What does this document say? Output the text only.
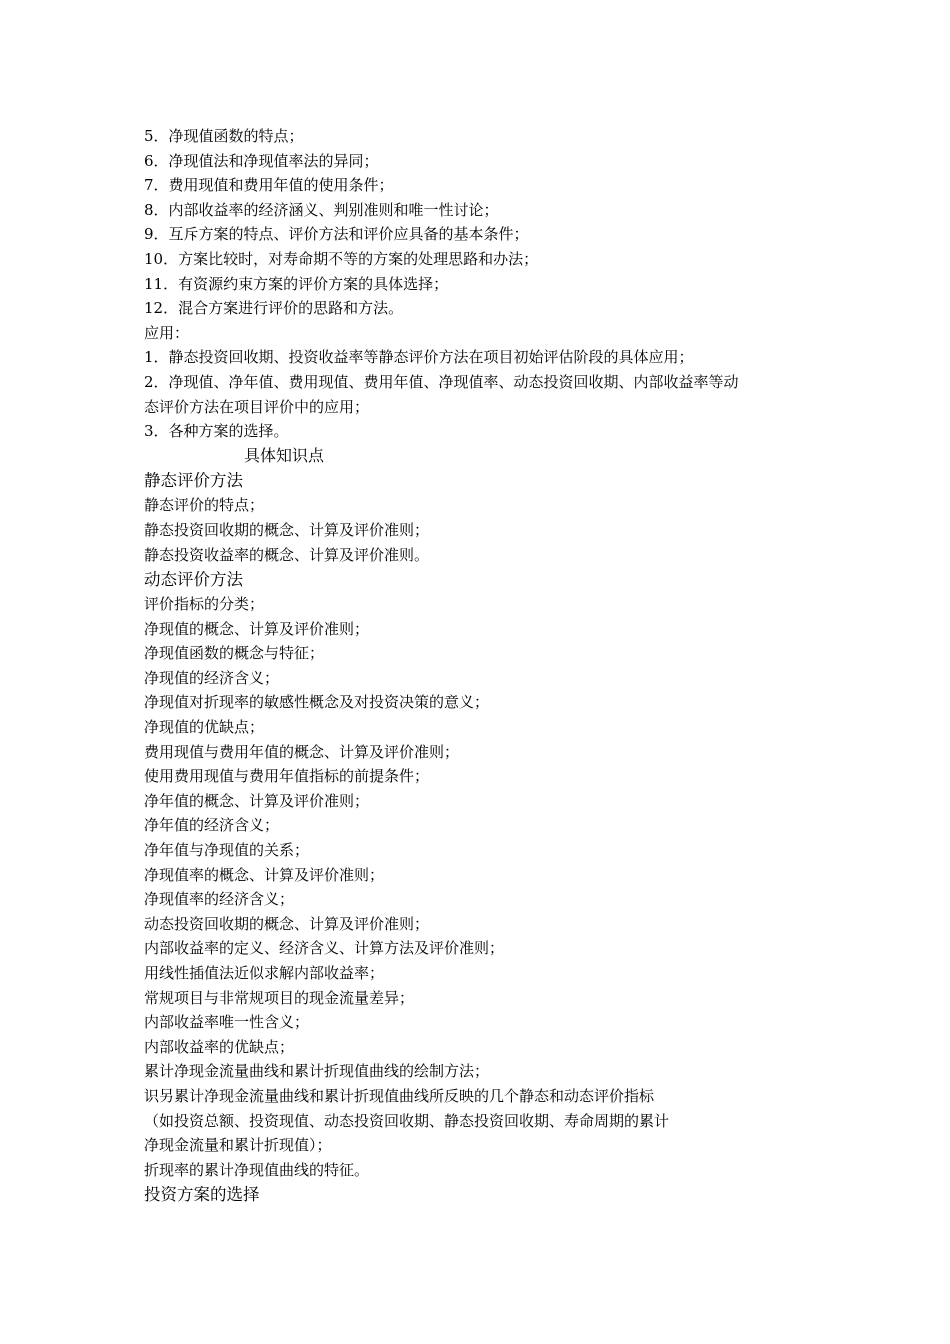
5．净现值函数的特点；
6．净现值法和净现值率法的异同；
7．费用现值和费用年值的使用条件；
8．内部收益率的经济涵义、判别准则和唯一性讨论；
9．互斥方案的特点、评价方法和评价应具备的基本条件；
10．方案比较时，对寿命期不等的方案的处理思路和办法；
11．有资源约束方案的评价方案的具体选择；
12．混合方案进行评价的思路和方法。
应用：
1．静态投资回收期、投资收益率等静态评价方法在项目初始评估阶段的具体应用；
2．净现值、净年值、费用现值、费用年值、净现值率、动态投资回收期、内部收益率等动
态评价方法在项目评价中的应用；
3．各种方案的选择。
具体知识点
静态评价方法
静态评价的特点；
静态投资回收期的概念、计算及评价准则；
静态投资收益率的概念、计算及评价准则。
动态评价方法
评价指标的分类；
净现值的概念、计算及评价准则；
净现值函数的概念与特征；
净现值的经济含义；
净现值对折现率的敏感性概念及对投资决策的意义；
净现值的优缺点；
费用现值与费用年值的概念、计算及评价准则；
使用费用现值与费用年值指标的前提条件；
净年值的概念、计算及评价准则；
净年值的经济含义；
净年值与净现值的关系；
净现值率的概念、计算及评价准则；
净现值率的经济含义；
动态投资回收期的概念、计算及评价准则；
内部收益率的定义、经济含义、计算方法及评价准则；
用线性插值法近似求解内部收益率；
常规项目与非常规项目的现金流量差异；
内部收益率唯一性含义；
内部收益率的优缺点；
累计净现金流量曲线和累计折现值曲线的绘制方法；
识另累计净现金流量曲线和累计折现值曲线所反映的几个静态和动态评价指标
（如投资总额、投资现值、动态投资回收期、静态投资回收期、寿命周期的累计
净现金流量和累计折现值）；
折现率的累计净现值曲线的特征。
投资方案的选择
